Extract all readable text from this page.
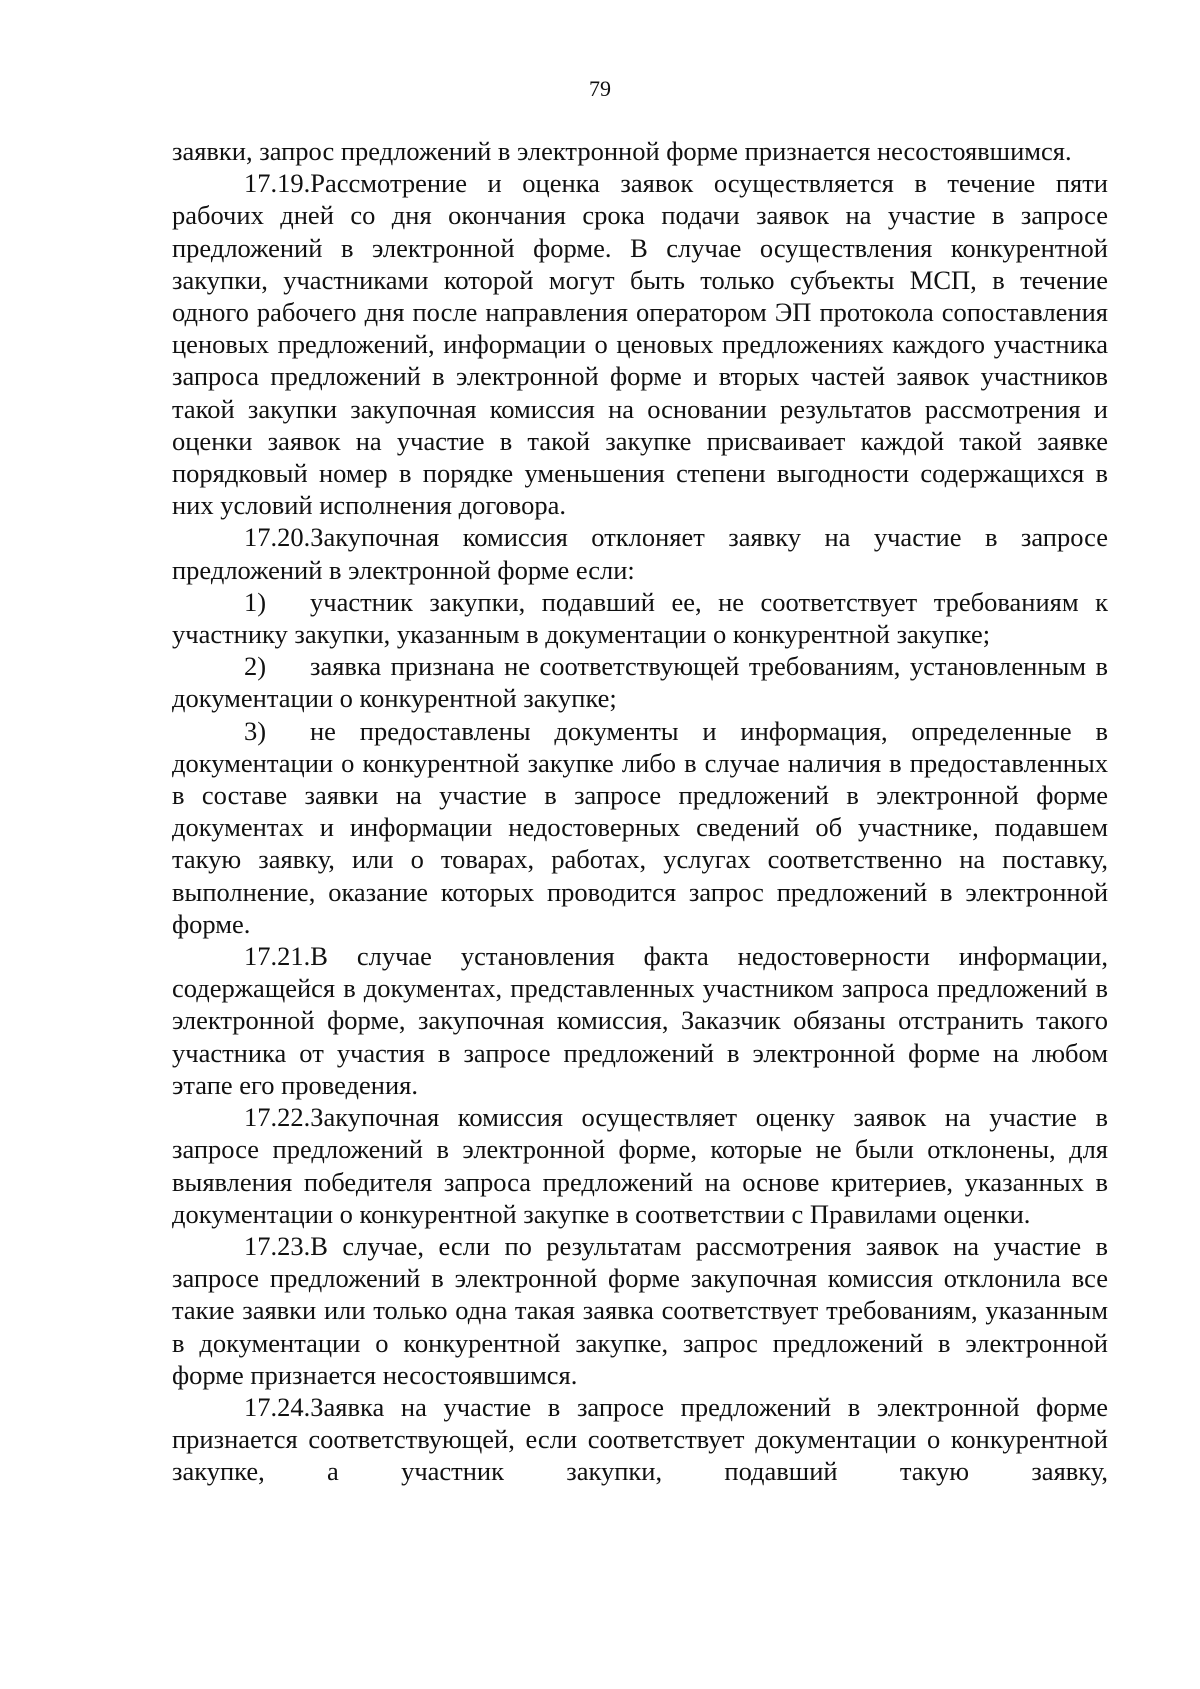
79

заявки, запрос предложений в электронной форме признается несостоявшимся.

17.19.Рассмотрение и оценка заявок осуществляется в течение пяти рабочих дней со дня окончания срока подачи заявок на участие в запросе предложений в электронной форме. В случае осуществления конкурентной закупки, участниками которой могут быть только субъекты МСП, в течение одного рабочего дня после направления оператором ЭП протокола сопоставления ценовых предложений, информации о ценовых предложениях каждого участника запроса предложений в электронной форме и вторых частей заявок участников такой закупки закупочная комиссия на основании результатов рассмотрения и оценки заявок на участие в такой закупке присваивает каждой такой заявке порядковый номер в порядке уменьшения степени выгодности содержащихся в них условий исполнения договора.

17.20.Закупочная комиссия отклоняет заявку на участие в запросе предложений в электронной форме если:

1) участник закупки, подавший ее, не соответствует требованиям к участнику закупки, указанным в документации о конкурентной закупке;

2) заявка признана не соответствующей требованиям, установленным в документации о конкурентной закупке;

3) не предоставлены документы и информация, определенные в документации о конкурентной закупке либо в случае наличия в предоставленных в составе заявки на участие в запросе предложений в электронной форме документах и информации недостоверных сведений об участнике, подавшем такую заявку, или о товарах, работах, услугах соответственно на поставку, выполнение, оказание которых проводится запрос предложений в электронной форме.

17.21.В случае установления факта недостоверности информации, содержащейся в документах, представленных участником запроса предложений в электронной форме, закупочная комиссия, Заказчик обязаны отстранить такого участника от участия в запросе предложений в электронной форме на любом этапе его проведения.

17.22.Закупочная комиссия осуществляет оценку заявок на участие в запросе предложений в электронной форме, которые не были отклонены, для выявления победителя запроса предложений на основе критериев, указанных в документации о конкурентной закупке в соответствии с Правилами оценки.

17.23.В случае, если по результатам рассмотрения заявок на участие в запросе предложений в электронной форме закупочная комиссия отклонила все такие заявки или только одна такая заявка соответствует требованиям, указанным в документации о конкурентной закупке, запрос предложений в электронной форме признается несостоявшимся.

17.24.Заявка на участие в запросе предложений в электронной форме признается соответствующей, если соответствует документации о конкурентной закупке, а участник закупки, подавший такую заявку,
